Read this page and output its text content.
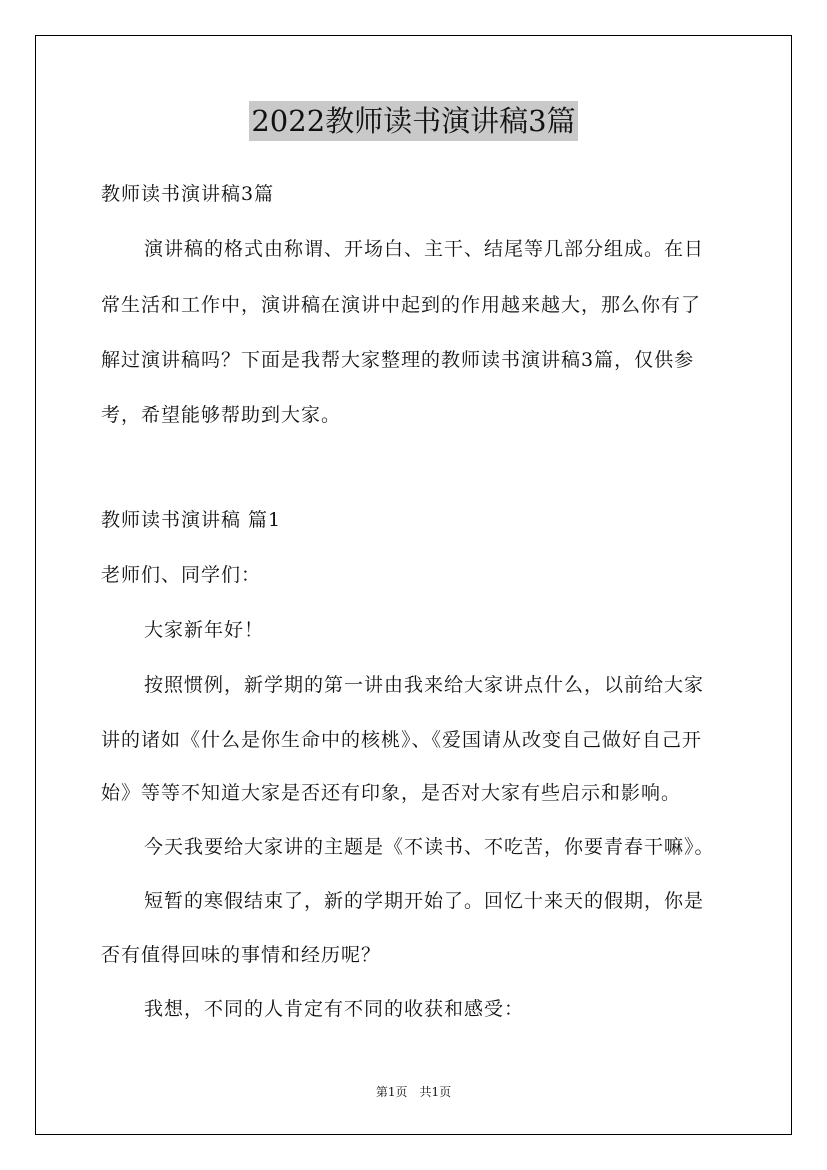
2022教师读书演讲稿3篇
教师读书演讲稿3篇
演讲稿的格式由称谓、开场白、主干、结尾等几部分组成。在日
常生活和工作中，演讲稿在演讲中起到的作用越来越大，那么你有了
解过演讲稿吗？下面是我帮大家整理的教师读书演讲稿3篇，仅供参
考，希望能够帮助到大家。
教师读书演讲稿 篇1
老师们、同学们：
大家新年好！
按照惯例，新学期的第一讲由我来给大家讲点什么，以前给大家
讲的诸如《什么是你生命中的核桃》、《爱国请从改变自己做好自己开
始》等等不知道大家是否还有印象，是否对大家有些启示和影响。
今天我要给大家讲的主题是《不读书、不吃苦，你要青春干嘛》。
短暂的寒假结束了，新的学期开始了。回忆十来天的假期，你是
否有值得回味的事情和经历呢？
我想，不同的人肯定有不同的收获和感受：
第1页　共1页
